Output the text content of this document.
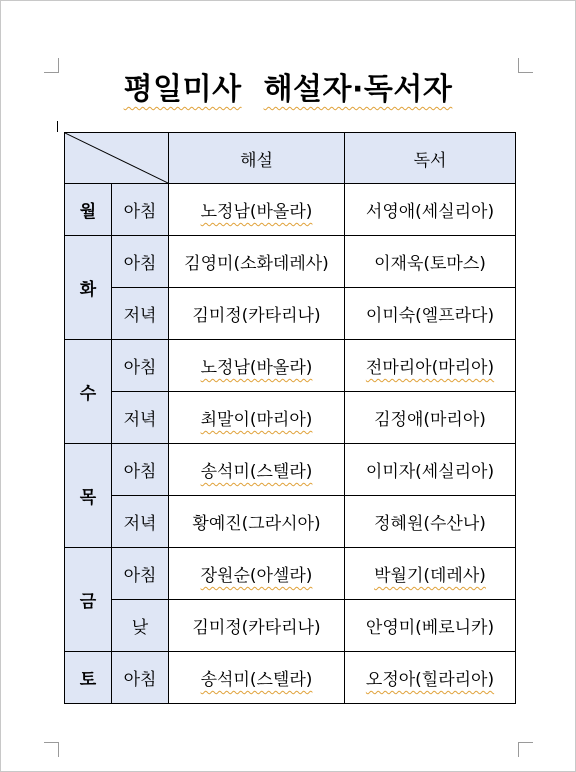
평일미사 해설자·독서자
	해설	독서
월	아침	노정남(바올라)	서영애(세실리아)
화	아침	김영미(소화데레사)	이재욱(토마스)
	저녁	김미정(카타리나)	이미숙(엘프라다)
수	아침	노정남(바올라)	전마리아(마리아)
	저녁	최말이(마리아)	김정애(마리아)
목	아침	송석미(스텔라)	이미자(세실리아)
	저녁	황예진(그라시아)	정혜원(수산나)
금	아침	장원순(아셀라)	박월기(데레사)
	낮	김미정(카타리나)	안영미(베로니카)
토	아침	송석미(스텔라)	오정아(힐라리아)
